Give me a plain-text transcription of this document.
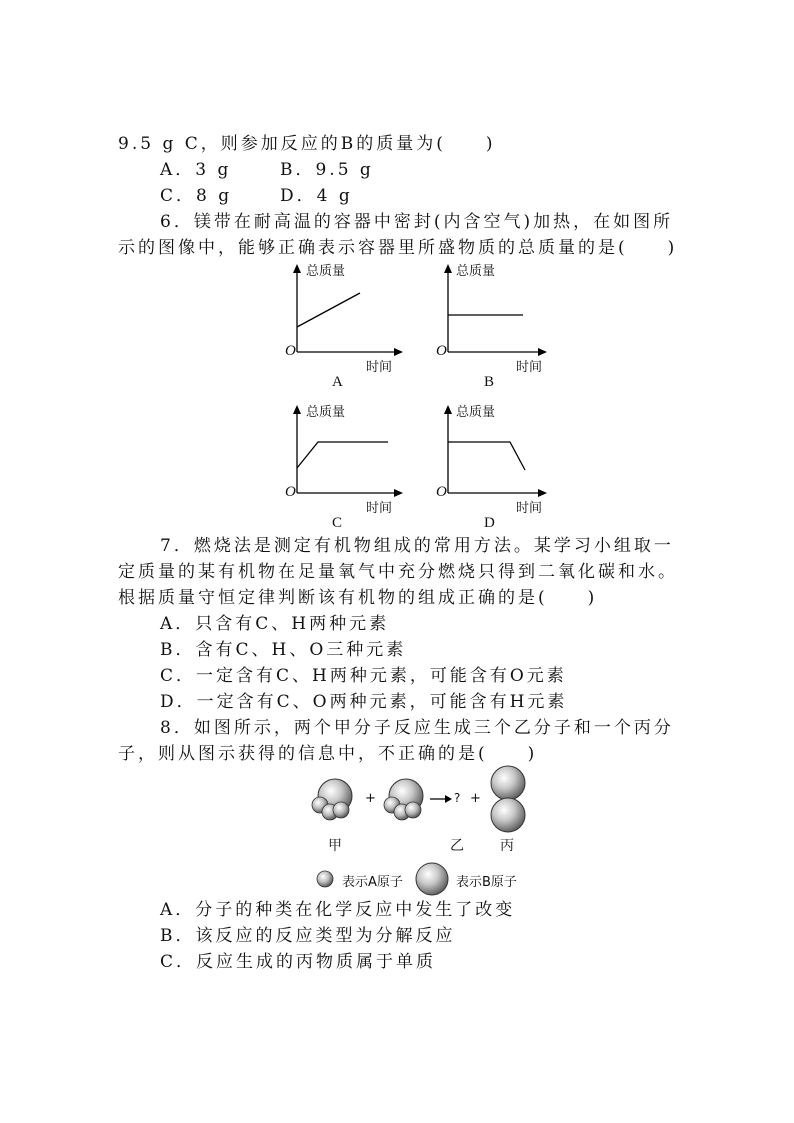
9.5 g C，则参加反应的B的质量为(　　)
A．3 g	B．9.5 g
C．8 g	D．4 g
6．镁带在耐高温的容器中密封(内含空气)加热，在如图所
示的图像中，能够正确表示容器里所盛物质的总质量的是(　　)
总质量
时间
O
A
总质量
时间
O
B
总质量
时间
O
C
总质量
时间
O
D
7．燃烧法是测定有机物组成的常用方法。某学习小组取一
定质量的某有机物在足量氧气中充分燃烧只得到二氧化碳和水。
根据质量守恒定律判断该有机物的组成正确的是(　　)
A．只含有C、H两种元素
B．含有C、H、O三种元素
C．一定含有C、H两种元素，可能含有O元素
D．一定含有C、O两种元素，可能含有H元素
8．如图所示，两个甲分子反应生成三个乙分子和一个丙分
子，则从图示获得的信息中，不正确的是(　　)
+	? +
甲	乙	丙
表示A原子	表示B原子
A．分子的种类在化学反应中发生了改变
B．该反应的反应类型为分解反应
C．反应生成的丙物质属于单质
